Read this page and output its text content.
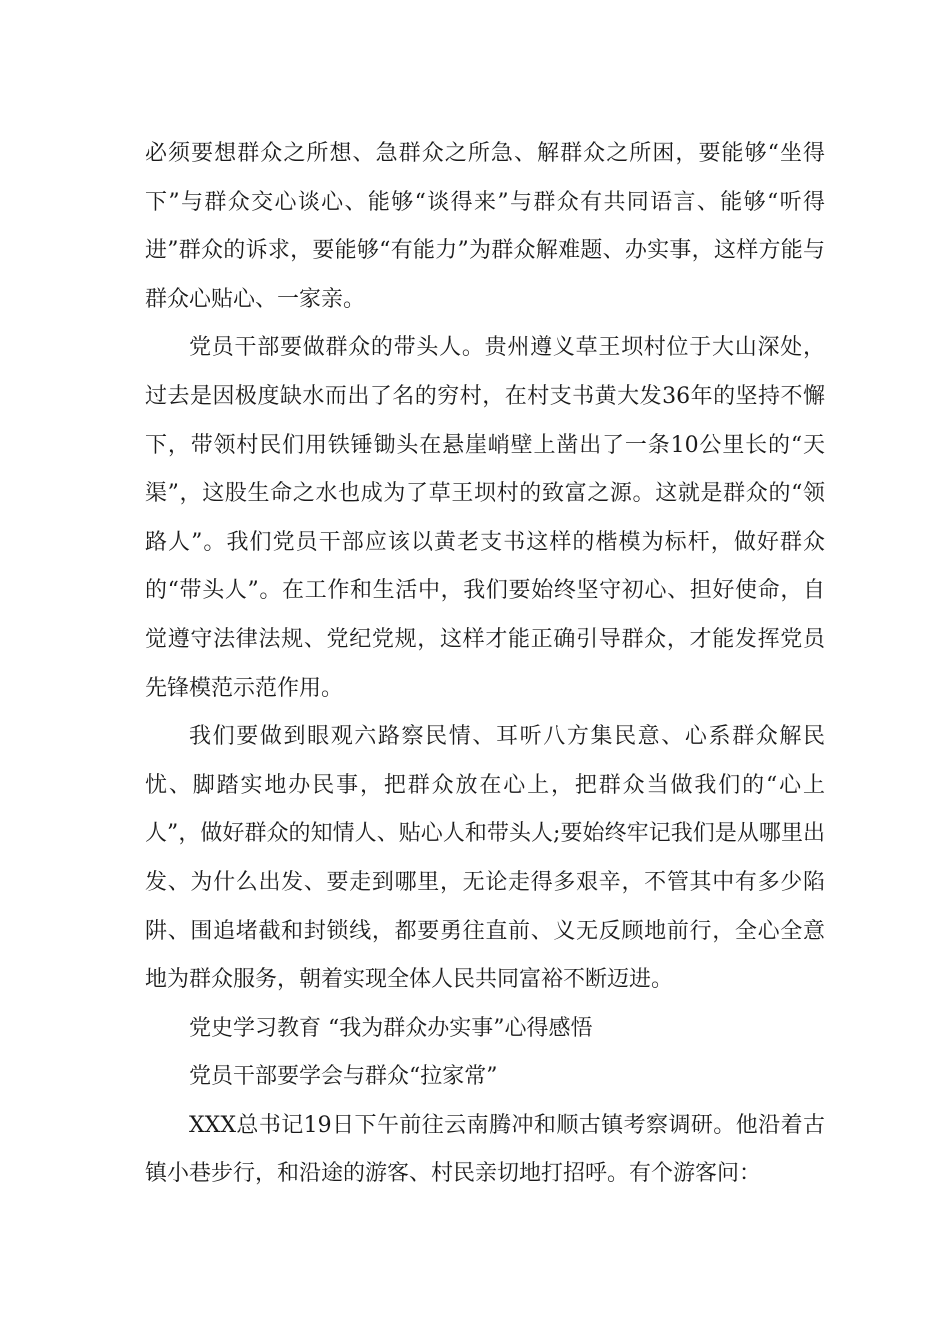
必须要想群众之所想、急群众之所急、解群众之所困，要能够“坐得下”与群众交心谈心、能够“谈得来”与群众有共同语言、能够“听得进”群众的诉求，要能够“有能力”为群众解难题、办实事，这样方能与群众心贴心、一家亲。

党员干部要做群众的带头人。贵州遵义草王坝村位于大山深处，过去是因极度缺水而出了名的穷村，在村支书黄大发36年的坚持不懈下，带领村民们用铁锤锄头在悬崖峭壁上凿出了一条10公里长的“天渠”，这股生命之水也成为了草王坝村的致富之源。这就是群众的“领路人”。我们党员干部应该以黄老支书这样的楷模为标杆，做好群众的“带头人”。在工作和生活中，我们要始终坚守初心、担好使命，自觉遵守法律法规、党纪党规，这样才能正确引导群众，才能发挥党员先锋模范示范作用。

我们要做到眼观六路察民情、耳听八方集民意、心系群众解民忧、脚踏实地办民事，把群众放在心上，把群众当做我们的“心上人”，做好群众的知情人、贴心人和带头人;要始终牢记我们是从哪里出发、为什么出发、要走到哪里，无论走得多艰辛，不管其中有多少陷阱、围追堵截和封锁线，都要勇往直前、义无反顾地前行，全心全意地为群众服务，朝着实现全体人民共同富裕不断迈进。

党史学习教育 “我为群众办实事”心得感悟

党员干部要学会与群众“拉家常”

XXX总书记19日下午前往云南腾冲和顺古镇考察调研。他沿着古镇小巷步行，和沿途的游客、村民亲切地打招呼。有个游客问：
